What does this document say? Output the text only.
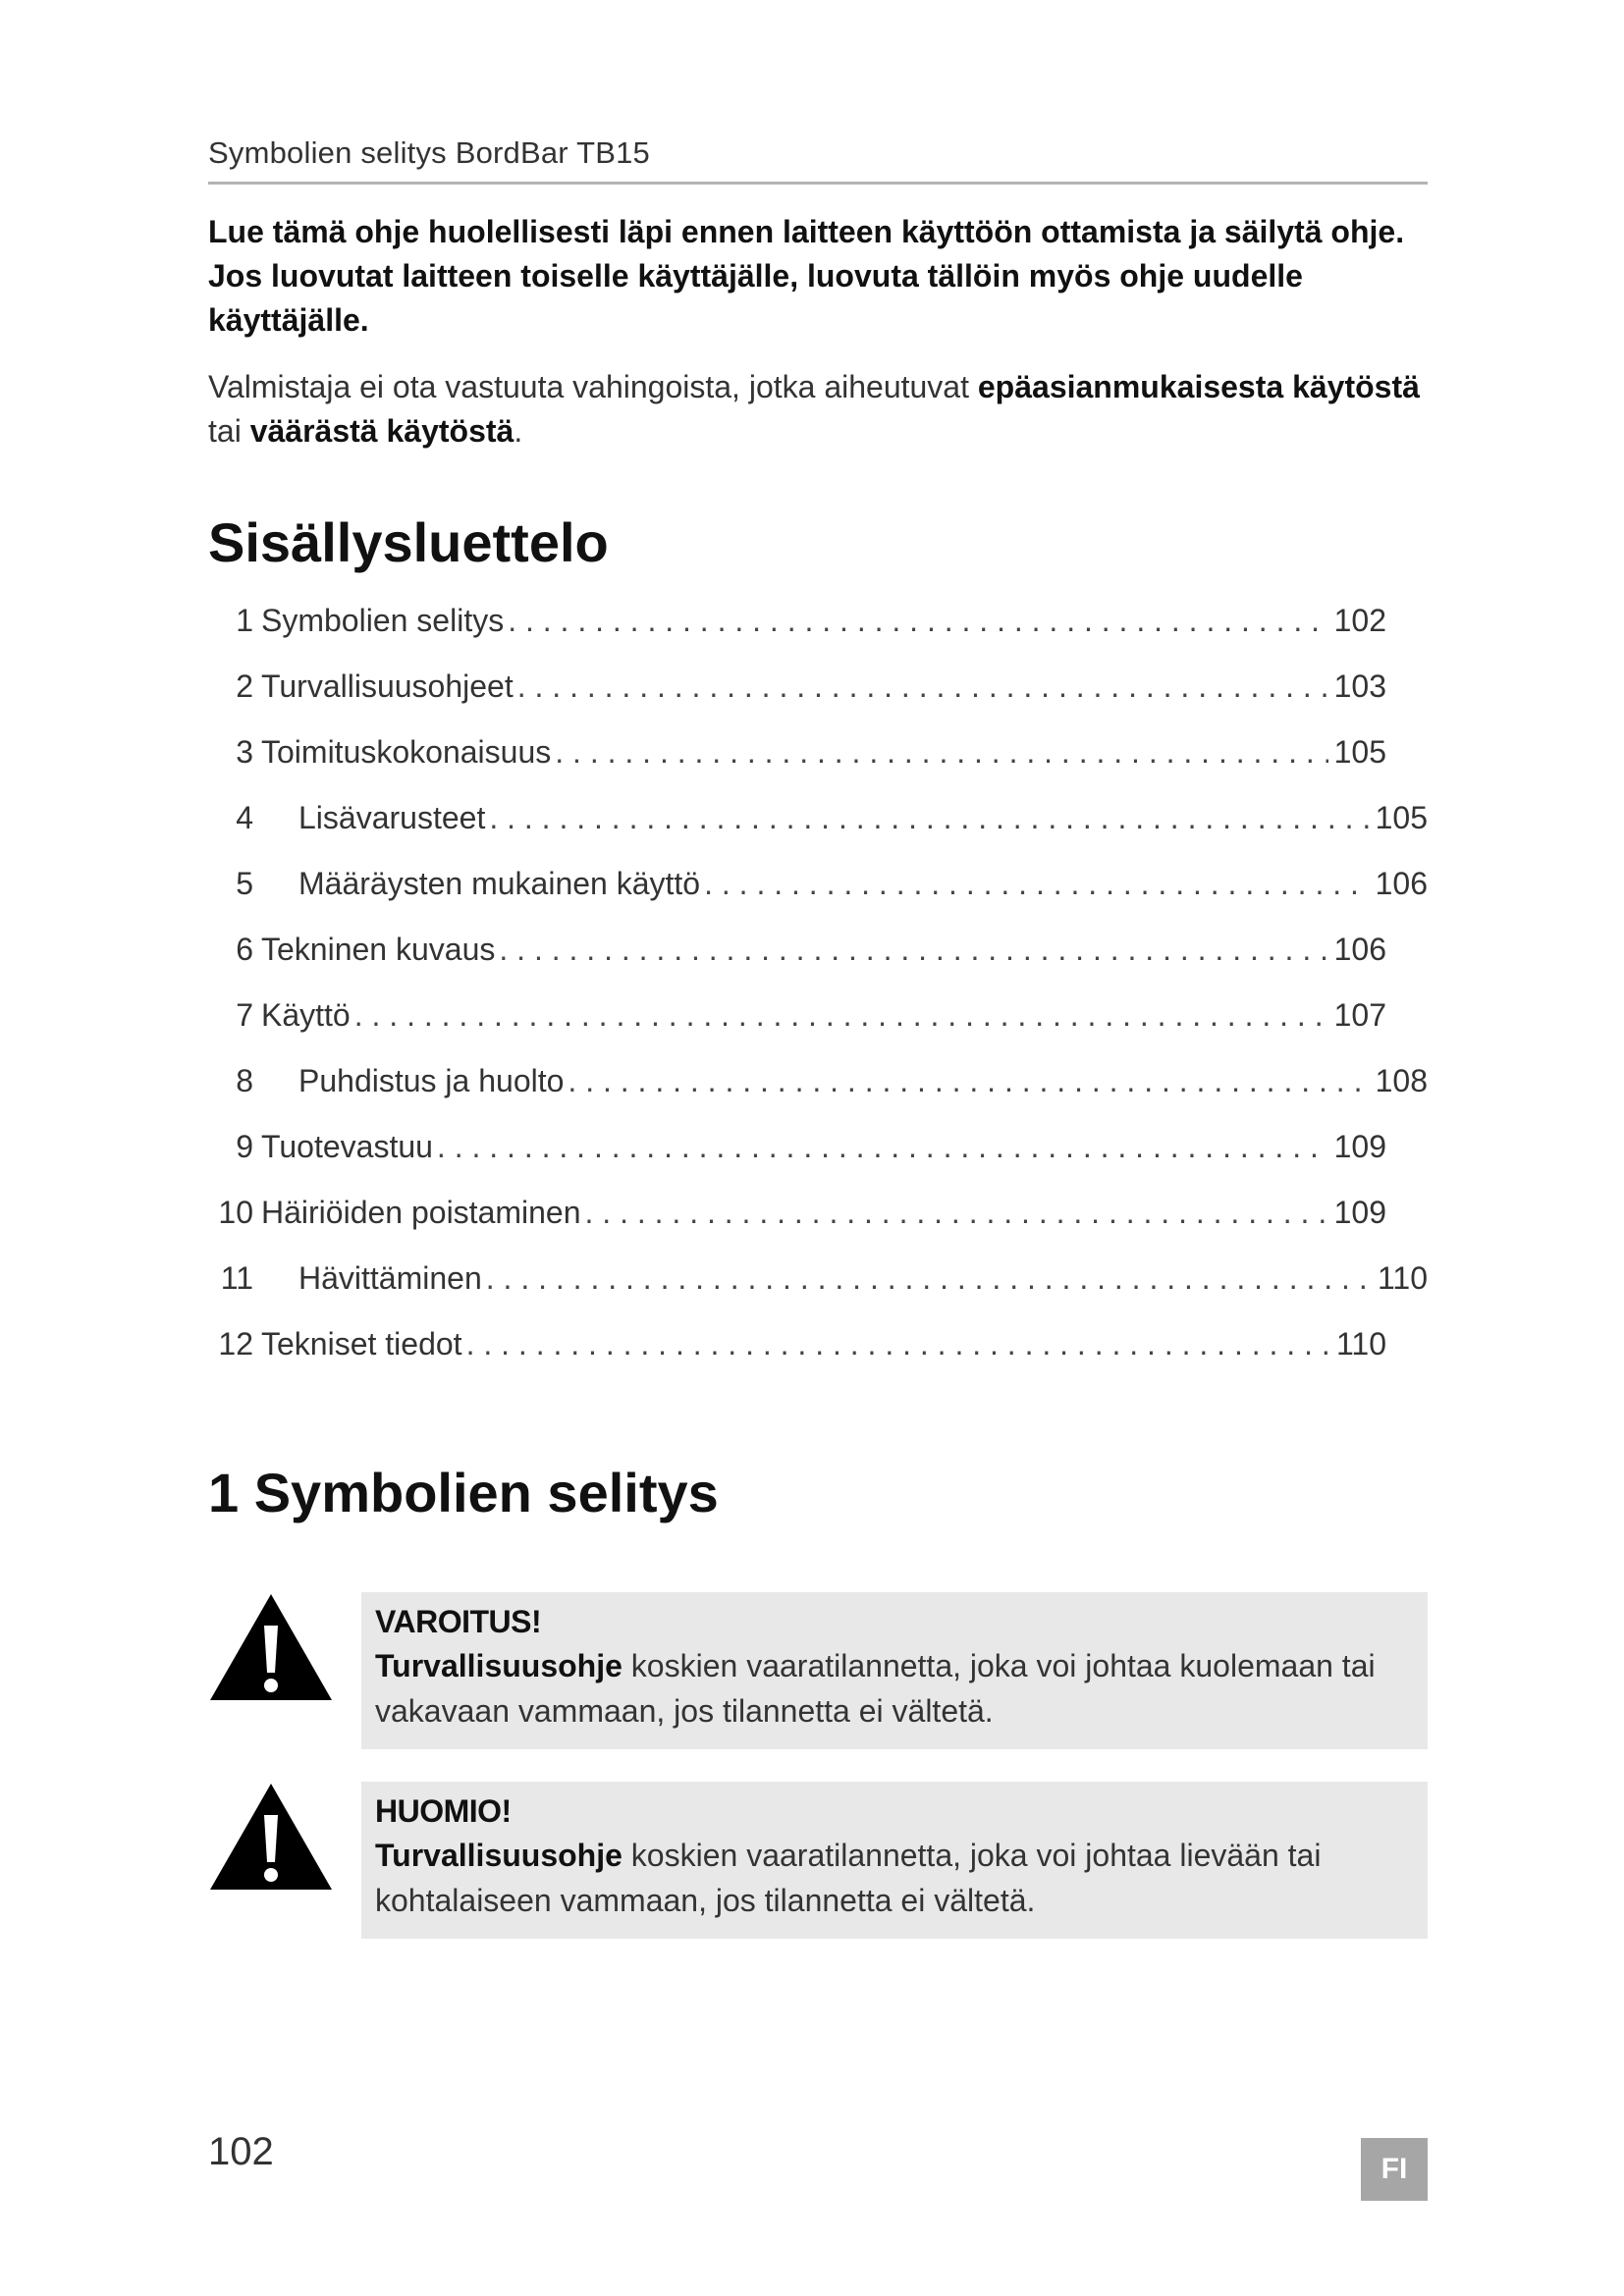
Symbolien selitys BordBar TB15

Lue tämä ohje huolellisesti läpi ennen laitteen käyttöön ottamista ja säilytä ohje. Jos luovutat laitteen toiselle käyttäjälle, luovuta tällöin myös ohje uudelle käyttäjälle.

Valmistaja ei ota vastuuta vahingoista, jotka aiheutuvat epäasianmukaisesta käytöstä tai väärästä käytöstä.

Sisällysluettelo
1 Symbolien selitys . . .	102
2 Turvallisuusohjeet . . .	103
3 Toimituskokonaisuus . . .	105
4	Lisävarusteet . . .	105
5	Määräysten mukainen käyttö . . .	106
6 Tekninen kuvaus . . .	106
7 Käyttö . . .	107
8	Puhdistus ja huolto . . .	108
9 Tuotevastuu . . .	109
10 Häiriöiden poistaminen . . .	109
11	Hävittäminen . . .	110
12 Tekniset tiedot . . .	110
1 Symbolien selitys
VAROITUS!
Turvallisuusohje koskien vaaratilannetta, joka voi johtaa kuolemaan tai vakavaan vammaan, jos tilannetta ei vältetä.
HUOMIO!
Turvallisuusohje koskien vaaratilannetta, joka voi johtaa lievään tai kohtalaiseen vammaan, jos tilannetta ei vältetä.
102	FI
